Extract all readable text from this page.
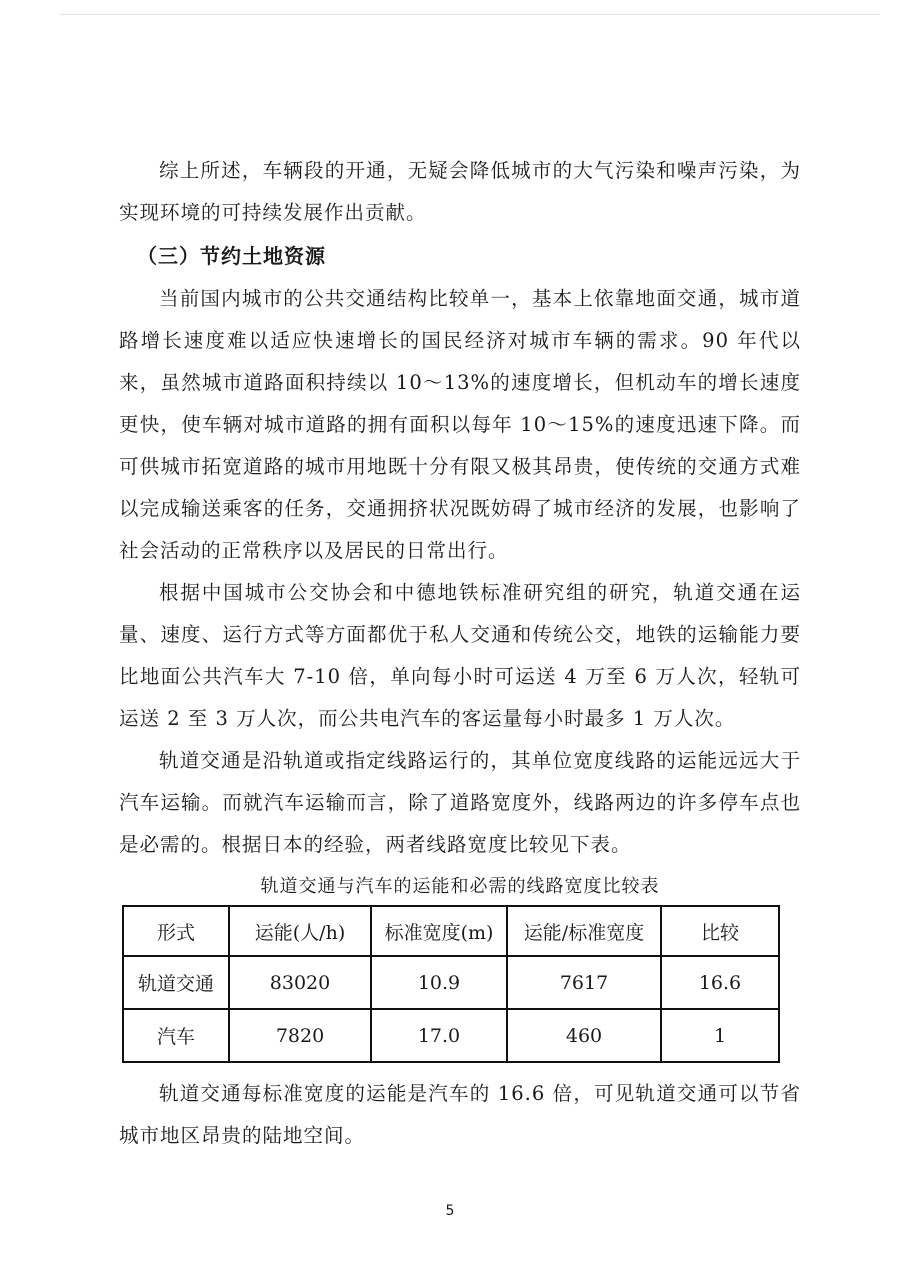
综上所述，车辆段的开通，无疑会降低城市的大气污染和噪声污染，为实现环境的可持续发展作出贡献。

（三）节约土地资源

当前国内城市的公共交通结构比较单一，基本上依靠地面交通，城市道路增长速度难以适应快速增长的国民经济对城市车辆的需求。90 年代以来，虽然城市道路面积持续以 10～13%的速度增长，但机动车的增长速度更快，使车辆对城市道路的拥有面积以每年 10～15%的速度迅速下降。而可供城市拓宽道路的城市用地既十分有限又极其昂贵，使传统的交通方式难以完成输送乘客的任务，交通拥挤状况既妨碍了城市经济的发展，也影响了社会活动的正常秩序以及居民的日常出行。

根据中国城市公交协会和中德地铁标准研究组的研究，轨道交通在运量、速度、运行方式等方面都优于私人交通和传统公交，地铁的运输能力要比地面公共汽车大 7-10 倍，单向每小时可运送 4 万至 6 万人次，轻轨可运送 2 至 3 万人次，而公共电汽车的客运量每小时最多 1 万人次。

轨道交通是沿轨道或指定线路运行的，其单位宽度线路的运能远远大于汽车运输。而就汽车运输而言，除了道路宽度外，线路两边的许多停车点也是必需的。根据日本的经验，两者线路宽度比较见下表。

轨道交通与汽车的运能和必需的线路宽度比较表
形式	运能(人/h)	标准宽度(m)	运能/标准宽度	比较
轨道交通	83020	10.9	7617	16.6
汽车	7820	17.0	460	1

轨道交通每标准宽度的运能是汽车的 16.6 倍，可见轨道交通可以节省城市地区昂贵的陆地空间。

5
